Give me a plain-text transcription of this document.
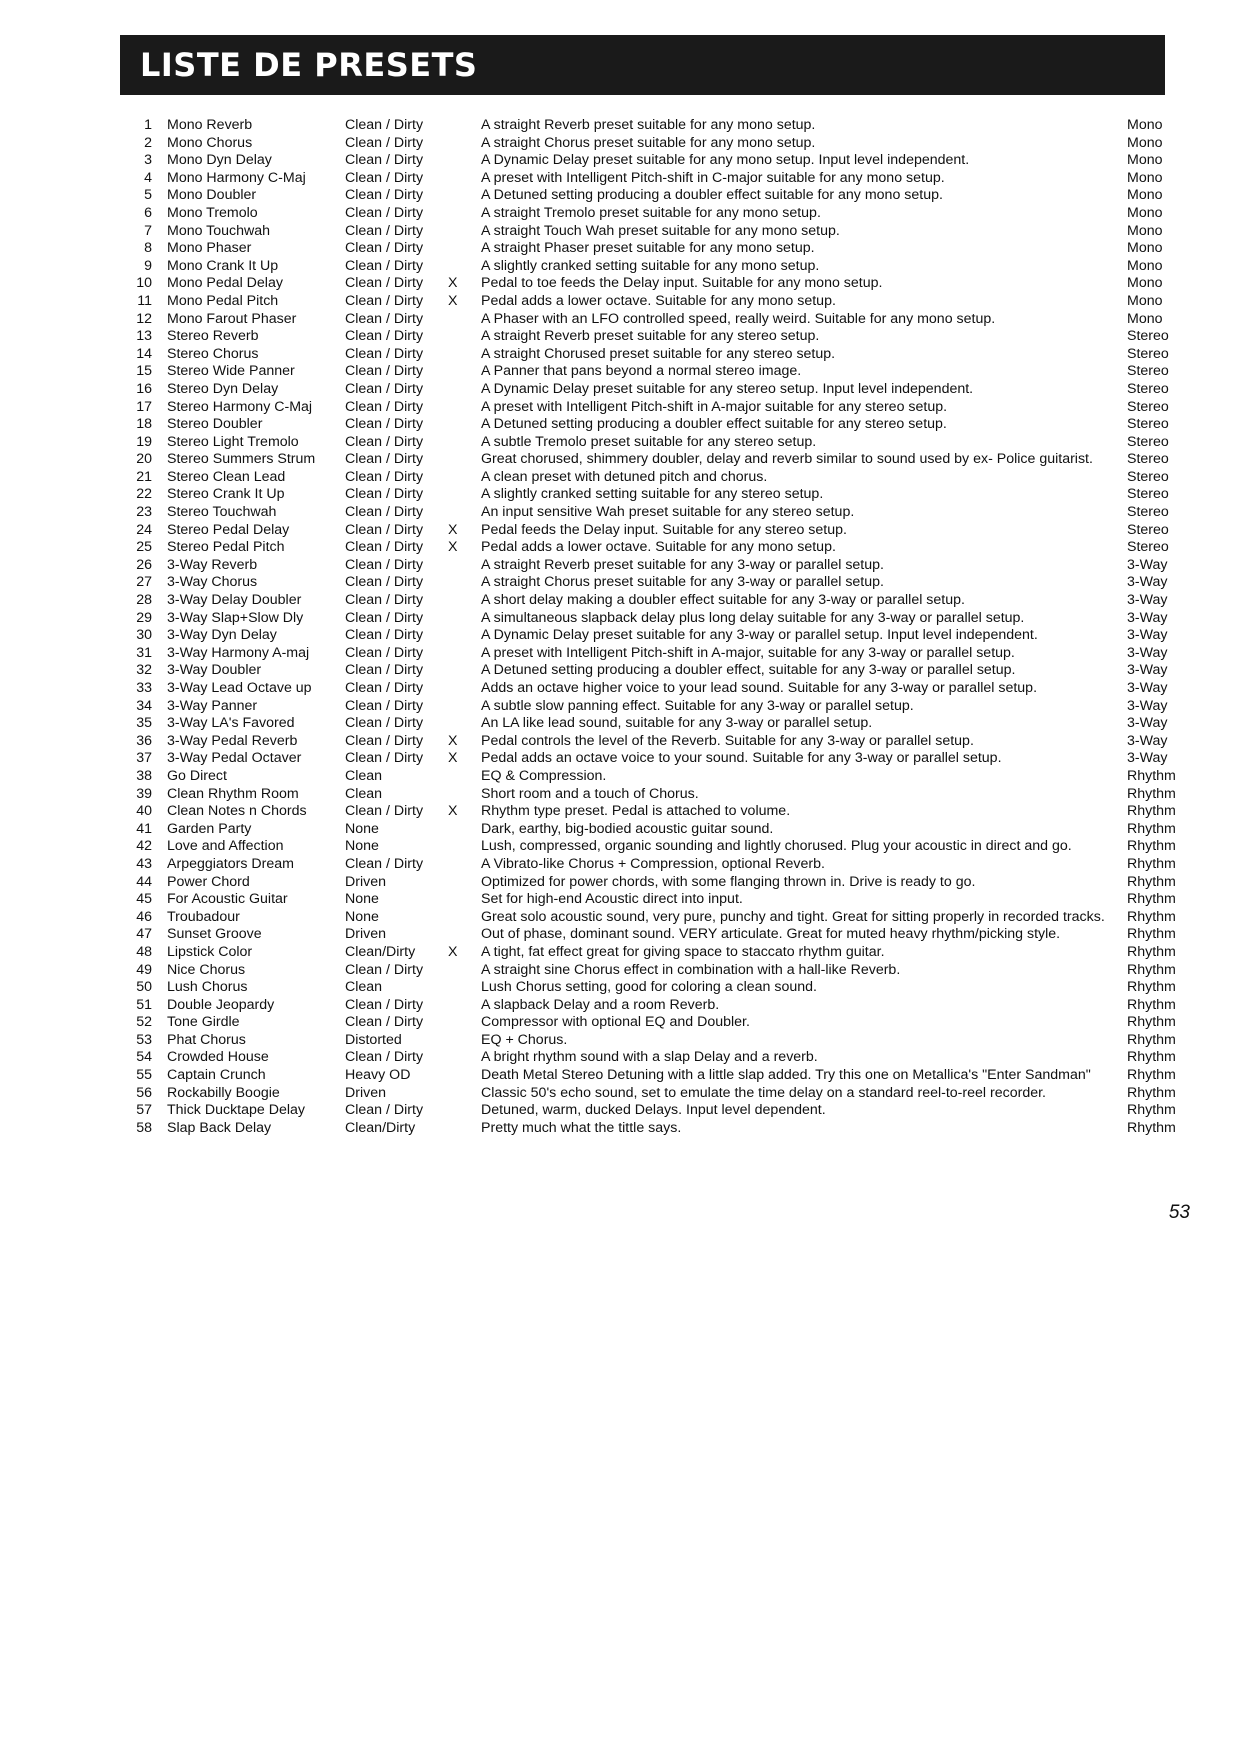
LISTE DE PRESETS
1	Mono Reverb	Clean / Dirty		A straight Reverb preset suitable for any mono setup.	Mono
2	Mono Chorus	Clean / Dirty		A straight Chorus preset suitable for any mono setup.	Mono
3	Mono Dyn Delay	Clean / Dirty		A Dynamic Delay preset suitable for any mono setup. Input level independent.	Mono
4	Mono Harmony C-Maj	Clean / Dirty		A preset with Intelligent Pitch-shift in C-major suitable for any mono setup.	Mono
5	Mono Doubler	Clean / Dirty		A Detuned setting producing a doubler effect suitable for any mono setup.	Mono
6	Mono Tremolo	Clean / Dirty		A straight Tremolo preset suitable for any mono setup.	Mono
7	Mono Touchwah	Clean / Dirty		A straight Touch Wah preset suitable for any mono setup.	Mono
8	Mono Phaser	Clean / Dirty		A straight Phaser preset suitable for any mono setup.	Mono
9	Mono Crank It Up	Clean / Dirty		A slightly cranked setting suitable for any mono setup.	Mono
10	Mono Pedal Delay	Clean / Dirty	X	Pedal to toe feeds the Delay input. Suitable for any mono setup.	Mono
11	Mono Pedal Pitch	Clean / Dirty	X	Pedal adds a lower octave. Suitable for any mono setup.	Mono
12	Mono Farout Phaser	Clean / Dirty		A Phaser with an LFO controlled speed, really weird. Suitable for any mono setup.	Mono
13	Stereo Reverb	Clean / Dirty		A straight Reverb preset suitable for any stereo setup.	Stereo
14	Stereo Chorus	Clean / Dirty		A straight Chorused preset suitable for any stereo setup.	Stereo
15	Stereo Wide Panner	Clean / Dirty		A Panner that pans beyond a normal stereo image.	Stereo
16	Stereo Dyn Delay	Clean / Dirty		A Dynamic Delay preset suitable for any stereo setup. Input level independent.	Stereo
17	Stereo Harmony C-Maj	Clean / Dirty		A preset with Intelligent Pitch-shift in A-major suitable for any stereo setup.	Stereo
18	Stereo Doubler	Clean / Dirty		A Detuned setting producing a doubler effect suitable for any stereo setup.	Stereo
19	Stereo Light Tremolo	Clean / Dirty		A subtle Tremolo preset suitable for any stereo setup.	Stereo
20	Stereo Summers Strum	Clean / Dirty		Great chorused, shimmery doubler, delay and reverb similar to sound used by ex- Police guitarist.	Stereo
21	Stereo Clean Lead	Clean / Dirty		A clean preset with detuned pitch and chorus.	Stereo
22	Stereo Crank It Up	Clean / Dirty		A slightly cranked setting suitable for any stereo setup.	Stereo
23	Stereo Touchwah	Clean / Dirty		An input sensitive Wah preset suitable for any stereo setup.	Stereo
24	Stereo Pedal Delay	Clean / Dirty	X	Pedal feeds the Delay input. Suitable for any stereo setup.	Stereo
25	Stereo Pedal Pitch	Clean / Dirty	X	Pedal adds a lower octave. Suitable for any mono setup.	Stereo
26	3-Way Reverb	Clean / Dirty		A straight Reverb preset suitable for any 3-way or parallel setup.	3-Way
27	3-Way Chorus	Clean / Dirty		A straight Chorus preset suitable for any 3-way or parallel setup.	3-Way
28	3-Way Delay Doubler	Clean / Dirty		A short delay making a doubler effect suitable for any 3-way or parallel setup.	3-Way
29	3-Way Slap+Slow Dly	Clean / Dirty		A simultaneous slapback delay plus long delay suitable for any 3-way or parallel setup.	3-Way
30	3-Way Dyn Delay	Clean / Dirty		A Dynamic Delay preset suitable for any 3-way or parallel setup. Input level independent.	3-Way
31	3-Way Harmony A-maj	Clean / Dirty		A preset with Intelligent Pitch-shift in A-major, suitable for any 3-way or parallel setup.	3-Way
32	3-Way Doubler	Clean / Dirty		A Detuned setting producing a doubler effect, suitable for any 3-way or parallel setup.	3-Way
33	3-Way Lead Octave up	Clean / Dirty		Adds an octave higher voice to your lead sound. Suitable for any 3-way or parallel setup.	3-Way
34	3-Way Panner	Clean / Dirty		A subtle slow panning effect. Suitable for any 3-way or parallel setup.	3-Way
35	3-Way LA's Favored	Clean / Dirty		An LA like lead sound, suitable for any 3-way or parallel setup.	3-Way
36	3-Way Pedal Reverb	Clean / Dirty	X	Pedal controls the level of the Reverb. Suitable for any 3-way or parallel setup.	3-Way
37	3-Way Pedal Octaver	Clean / Dirty	X	Pedal adds an octave voice to your sound. Suitable for any 3-way or parallel setup.	3-Way
38	Go Direct	Clean		EQ & Compression.	Rhythm
39	Clean Rhythm Room	Clean		Short room and a touch of Chorus.	Rhythm
40	Clean Notes n Chords	Clean / Dirty	X	Rhythm type preset. Pedal is attached to volume.	Rhythm
41	Garden Party	None		Dark, earthy, big-bodied acoustic guitar sound.	Rhythm
42	Love and Affection	None		Lush, compressed, organic sounding and lightly chorused. Plug your acoustic in direct and go.	Rhythm
43	Arpeggiators Dream	Clean / Dirty		A Vibrato-like Chorus + Compression, optional Reverb.	Rhythm
44	Power Chord	Driven		Optimized for power chords, with some flanging thrown in. Drive is ready to go.	Rhythm
45	For Acoustic Guitar	None		Set for high-end Acoustic direct into input.	Rhythm
46	Troubadour	None		Great solo acoustic sound, very pure, punchy and tight. Great for sitting properly in recorded tracks.	Rhythm
47	Sunset Groove	Driven		Out of phase, dominant sound. VERY articulate. Great for muted heavy rhythm/picking style.	Rhythm
48	Lipstick Color	Clean/Dirty	X	A tight, fat effect great for giving space to staccato rhythm guitar.	Rhythm
49	Nice Chorus	Clean / Dirty		A straight sine Chorus effect in combination with a hall-like Reverb.	Rhythm
50	Lush Chorus	Clean		Lush Chorus setting, good for coloring a clean sound.	Rhythm
51	Double Jeopardy	Clean / Dirty		A slapback Delay and a room Reverb.	Rhythm
52	Tone Girdle	Clean / Dirty		Compressor with optional EQ and Doubler.	Rhythm
53	Phat Chorus	Distorted		EQ + Chorus.	Rhythm
54	Crowded House	Clean / Dirty		A bright rhythm sound with a slap Delay and a reverb.	Rhythm
55	Captain Crunch	Heavy OD		Death Metal Stereo Detuning with a little slap added. Try this one on Metallica's "Enter Sandman"	Rhythm
56	Rockabilly Boogie	Driven		Classic 50's echo sound, set to emulate the time delay on a standard reel-to-reel recorder.	Rhythm
57	Thick Ducktape Delay	Clean / Dirty		Detuned, warm, ducked Delays. Input level dependent.	Rhythm
58	Slap Back Delay	Clean/Dirty		Pretty much what the tittle says.	Rhythm
53
